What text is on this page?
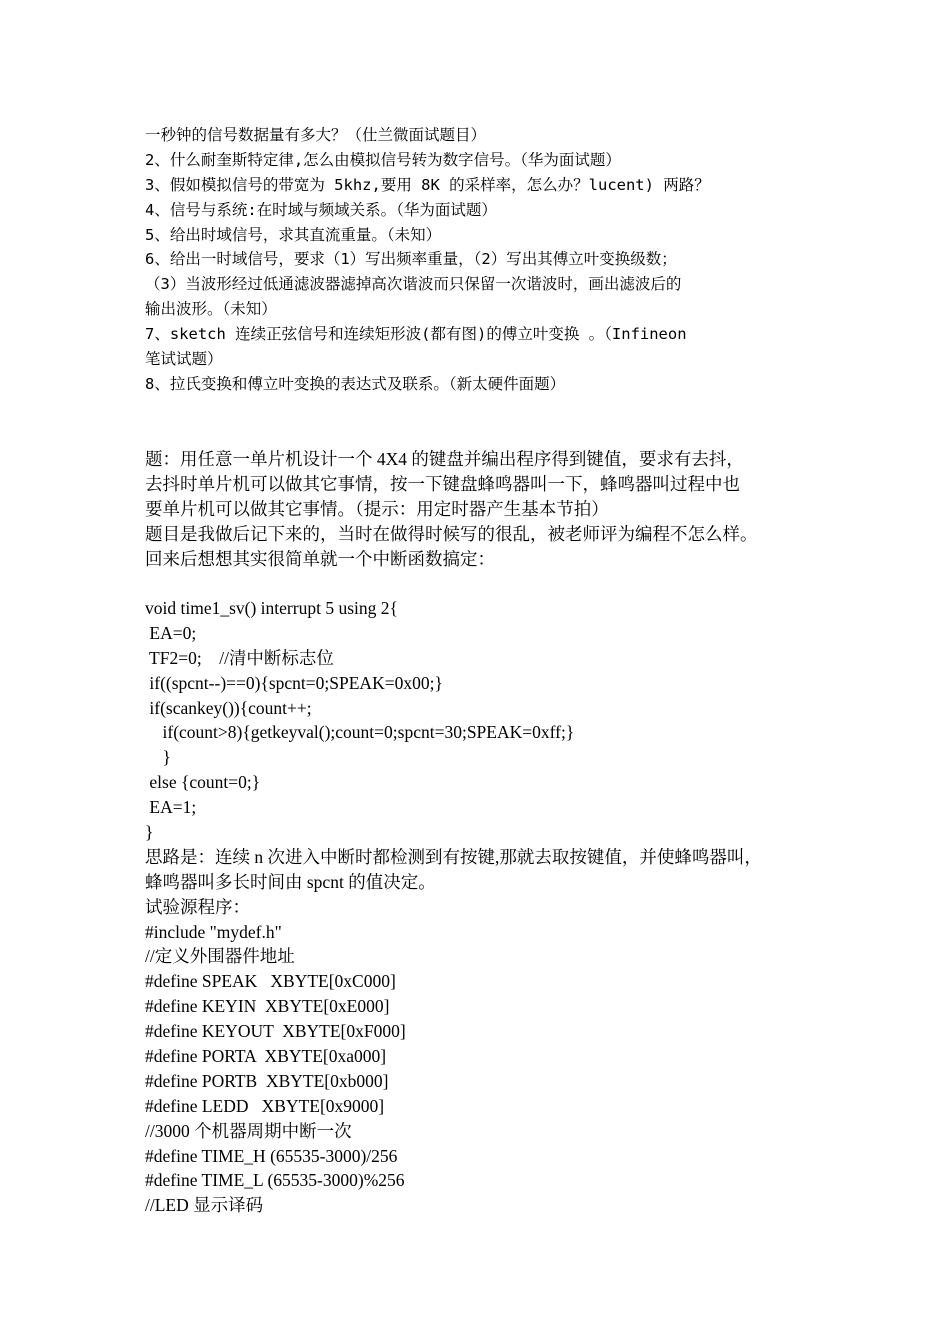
一秒钟的信号数据量有多大？（仕兰微面试题目）
2、什么耐奎斯特定律,怎么由模拟信号转为数字信号。（华为面试题）
3、假如模拟信号的带宽为 5khz,要用 8K 的采样率，怎么办？lucent) 两路？
4、信号与系统:在时域与频域关系。（华为面试题）
5、给出时域信号，求其直流重量。（未知）
6、给出一时域信号，要求（1）写出频率重量，（2）写出其傅立叶变换级数；
（3）当波形经过低通滤波器滤掉高次谐波而只保留一次谐波时，画出滤波后的
输出波形。（未知）
7、sketch 连续正弦信号和连续矩形波(都有图)的傅立叶变换 。（Infineon
笔试试题）
8、拉氏变换和傅立叶变换的表达式及联系。（新太硬件面题）
题：用任意一单片机设计一个 4X4 的键盘并编出程序得到键值，要求有去抖，
去抖时单片机可以做其它事情，按一下键盘蜂鸣器叫一下，蜂鸣器叫过程中也
要单片机可以做其它事情。（提示：用定时器产生基本节拍）
题目是我做后记下来的，当时在做得时候写的很乱，被老师评为编程不怎么样。
回来后想想其实很简单就一个中断函数搞定：
void time1_sv() interrupt 5 using 2{
EA=0;
TF2=0;    //清中断标志位
if((spcnt--)==0){spcnt=0;SPEAK=0x00;}
if(scankey()){count++;
if(count>8){getkeyval();count=0;spcnt=30;SPEAK=0xff;}
}
else {count=0;}
EA=1;
}
思路是：连续 n 次进入中断时都检测到有按键,那就去取按键值，并使蜂鸣器叫，
蜂鸣器叫多长时间由 spcnt 的值决定。
试验源程序：
#include "mydef.h"
//定义外围器件地址
#define SPEAK   XBYTE[0xC000]
#define KEYIN  XBYTE[0xE000]
#define KEYOUT  XBYTE[0xF000]
#define PORTA  XBYTE[0xa000]
#define PORTB  XBYTE[0xb000]
#define LEDD   XBYTE[0x9000]
//3000 个机器周期中断一次
#define TIME_H (65535-3000)/256
#define TIME_L (65535-3000)%256
//LED 显示译码
